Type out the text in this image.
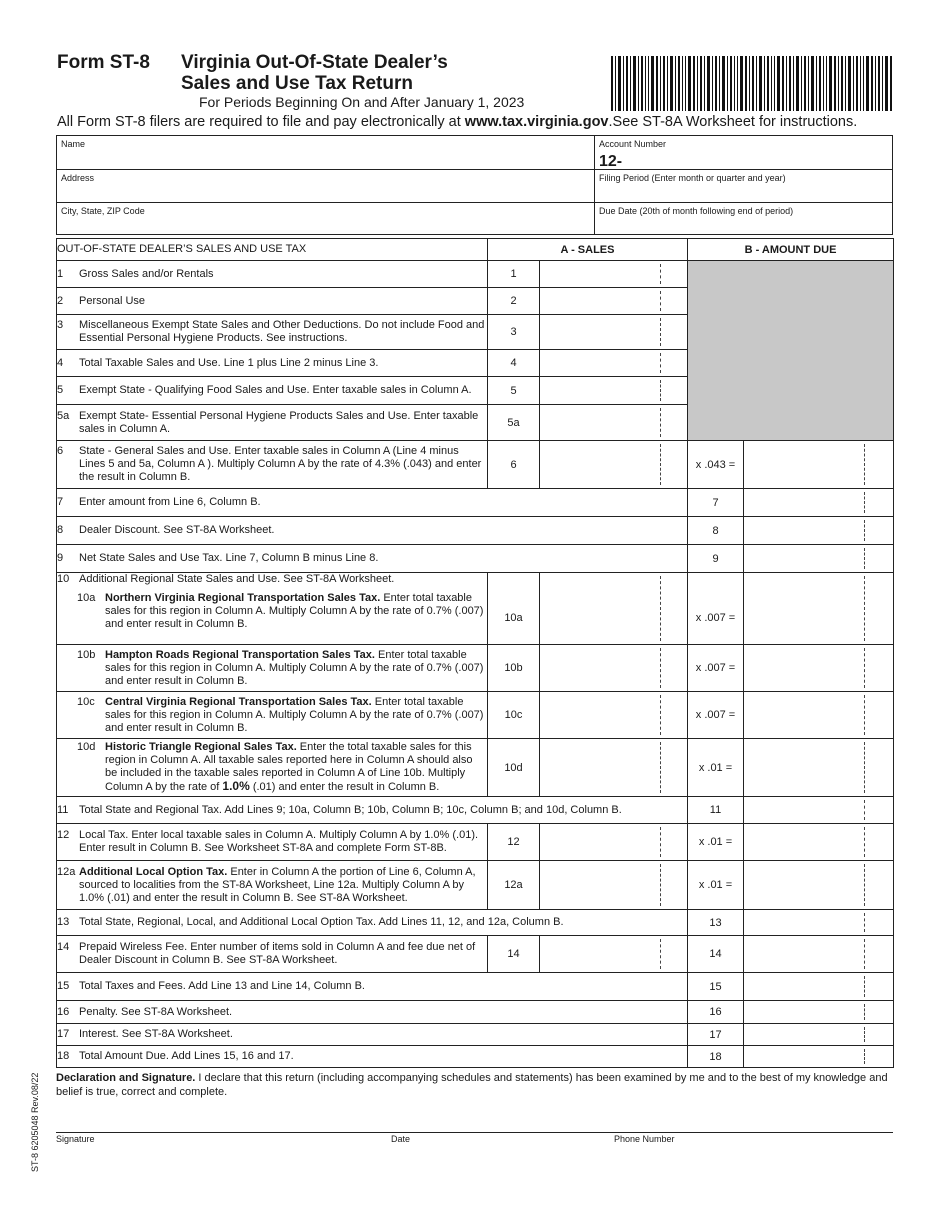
Form ST-8 Virginia Out-Of-State Dealer’s
Sales and Use Tax Return
For Periods Beginning On and After January 1, 2023
All Form ST-8 filers are required to file and pay electronically at www.tax.virginia.gov.See ST-8A Worksheet for instructions.
Name	Account Number
12-
Address	Filing Period (Enter month or quarter and year)
City, State, ZIP Code	Due Date (20th of month following end of period)
OUT-OF-STATE DEALER’S SALES AND USE TAX	A - SALES		B - AMOUNT DUE	

1 Gross Sales and/or Rentals	1		

2 Personal Use	2			

3 Miscellaneous Exempt State Sales and Other Deductions. Do not include Food and Essential Personal Hygiene Products. See instructions.	3			

4 Total Taxable Sales and Use. Line 1 plus Line 2 minus Line 3.	4			

5 Exempt State - Qualifying Food Sales and Use. Enter taxable sales in Column A.	5			

5a Exempt State- Essential Personal Hygiene Products Sales and Use. Enter taxable sales in Column A.	5a			

6 State - General Sales and Use. Enter taxable sales in Column A (Line 4 minus Lines 5 and 5a, Column A ). Multiply Column A by the rate of 4.3% (.043) and enter the result in Column B.	6		x .043 =	

7 Enter amount from Line 6, Column B.			7	

8 Dealer Discount. See ST-8A Worksheet.			8	

9 Net State Sales and Use Tax. Line 7, Column B minus Line 8.			9	

10 Additional Regional State Sales and Use. See ST-8A Worksheet.
10a Northern Virginia Regional Transportation Sales Tax. Enter total taxable sales for this region in Column A. Multiply Column A by the rate of 0.7% (.007) and enter result in Column B.	10a		x .007 =	

10b Hampton Roads Regional Transportation Sales Tax. Enter total taxable sales for this region in Column A. Multiply Column A by the rate of 0.7% (.007) and enter result in Column B.	10b		x .007 =	

10c Central Virginia Regional Transportation Sales Tax. Enter total taxable sales for this region in Column A. Multiply Column A by the rate of 0.7% (.007) and enter result in Column B.	10c		x .007 =	

10d Historic Triangle Regional Sales Tax. Enter the total taxable sales for this region in Column A. All taxable sales reported here in Column A should also be included in the taxable sales reported in Column A of Line 10b. Multiply Column A by the rate of 1.0% (.01) and enter the result in Column B.	10d		x .01 =	

11 Total State and Regional Tax. Add Lines 9; 10a, Column B; 10b, Column B; 10c, Column B; and 10d, Column B.			11	

12 Local Tax. Enter local taxable sales in Column A. Multiply Column A by 1.0% (.01). Enter result in Column B. See Worksheet ST-8A and complete Form ST-8B.	12		x .01 =	

12a Additional Local Option Tax. Enter in Column A the portion of Line 6, Column A, sourced to localities from the ST-8A Worksheet, Line 12a. Multiply Column A by 1.0% (.01) and enter the result in Column B. See ST-8A Worksheet.	12a		x .01 =	

13 Total State, Regional, Local, and Additional Local Option Tax. Add Lines 11, 12, and 12a, Column B.			13	

14 Prepaid Wireless Fee. Enter number of items sold in Column A and fee due net of Dealer Discount in Column B. See ST-8A Worksheet.	14		14	

15 Total Taxes and Fees. Add Line 13 and Line 14, Column B.			15	

16 Penalty. See ST-8A Worksheet.			16	

17 Interest. See ST-8A Worksheet.			17	

18 Total Amount Due. Add Lines 15, 16 and 17.			18	
Declaration and Signature. I declare that this return (including accompanying schedules and statements) has been examined by me and to the best of my knowledge and belief is true, correct and complete.
Signature	Date	Phone Number
ST-8 6205048 Rev.08/22
